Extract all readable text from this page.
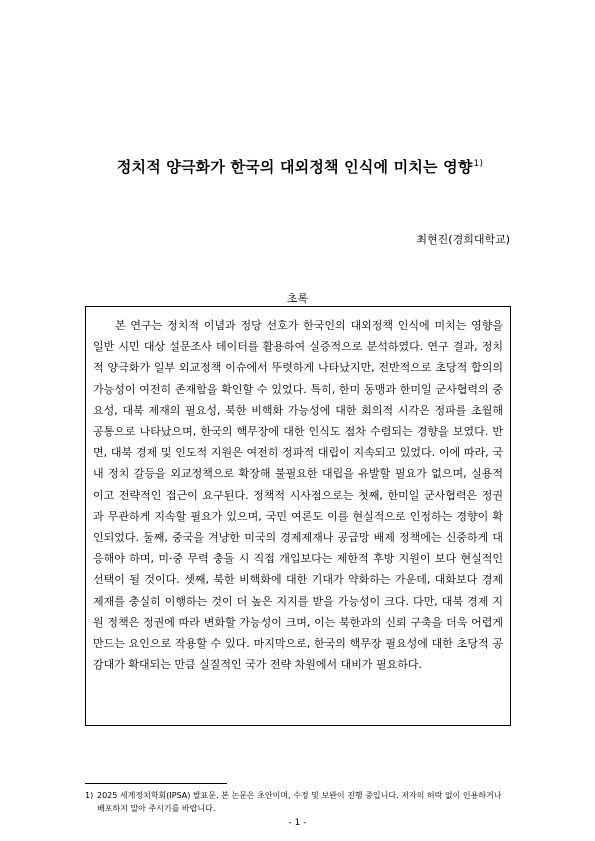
정치적 양극화가 한국의 대외정책 인식에 미치는 영향$^{1)}$
최현진(경희대학교)
초록

본 연구는 정치적 이념과 정당 선호가 한국인의 대외정책 인식에 미치는 영향을 일반 시민 대상 설문조사 데이터를 활용하여 실증적으로 분석하였다. 연구 결과, 정치적 양극화가 일부 외교정책 이슈에서 뚜렷하게 나타났지만, 전반적으로 초당적 합의의 가능성이 여전히 존재함을 확인할 수 있었다. 특히, 한미 동맹과 한미일 군사협력의 중요성, 대북 제재의 필요성, 북한 비핵화 가능성에 대한 회의적 시각은 정파를 초월해 공통으로 나타났으며, 한국의 핵무장에 대한 인식도 점차 수렴되는 경향을 보였다. 반면, 대북 경제 및 인도적 지원은 여전히 정파적 대립이 지속되고 있었다. 이에 따라, 국내 정치 갈등을 외교정책으로 확장해 불필요한 대립을 유발할 필요가 없으며, 실용적이고 전략적인 접근이 요구된다. 정책적 시사점으로는 첫째, 한미일 군사협력은 정권과 무관하게 지속할 필요가 있으며, 국민 여론도 이를 현실적으로 인정하는 경향이 확인되었다. 둘째, 중국을 겨냥한 미국의 경제제재나 공급망 배제 정책에는 신중하게 대응해야 하며, 미·중 무력 충돌 시 직접 개입보다는 제한적 후방 지원이 보다 현실적인 선택이 될 것이다. 셋째, 북한 비핵화에 대한 기대가 약화하는 가운데, 대화보다 경제제재를 충실히 이행하는 것이 더 높은 지지를 받을 가능성이 크다. 다만, 대북 경제 지원 정책은 정권에 따라 변화할 가능성이 크며, 이는 북한과의 신뢰 구축을 더욱 어렵게 만드는 요인으로 작용할 수 있다. 마지막으로, 한국의 핵무장 필요성에 대한 초당적 공감대가 확대되는 만큼 실질적인 국가 전략 차원에서 대비가 필요하다.

1) 2025 세계정치학회(IPSA) 발표문. 본 논문은 초안이며, 수정 및 보완이 진행 중입니다. 저자의 허락 없이 인용하거나 배포하지 말아 주시기를 바랍니다.
- 1 -
